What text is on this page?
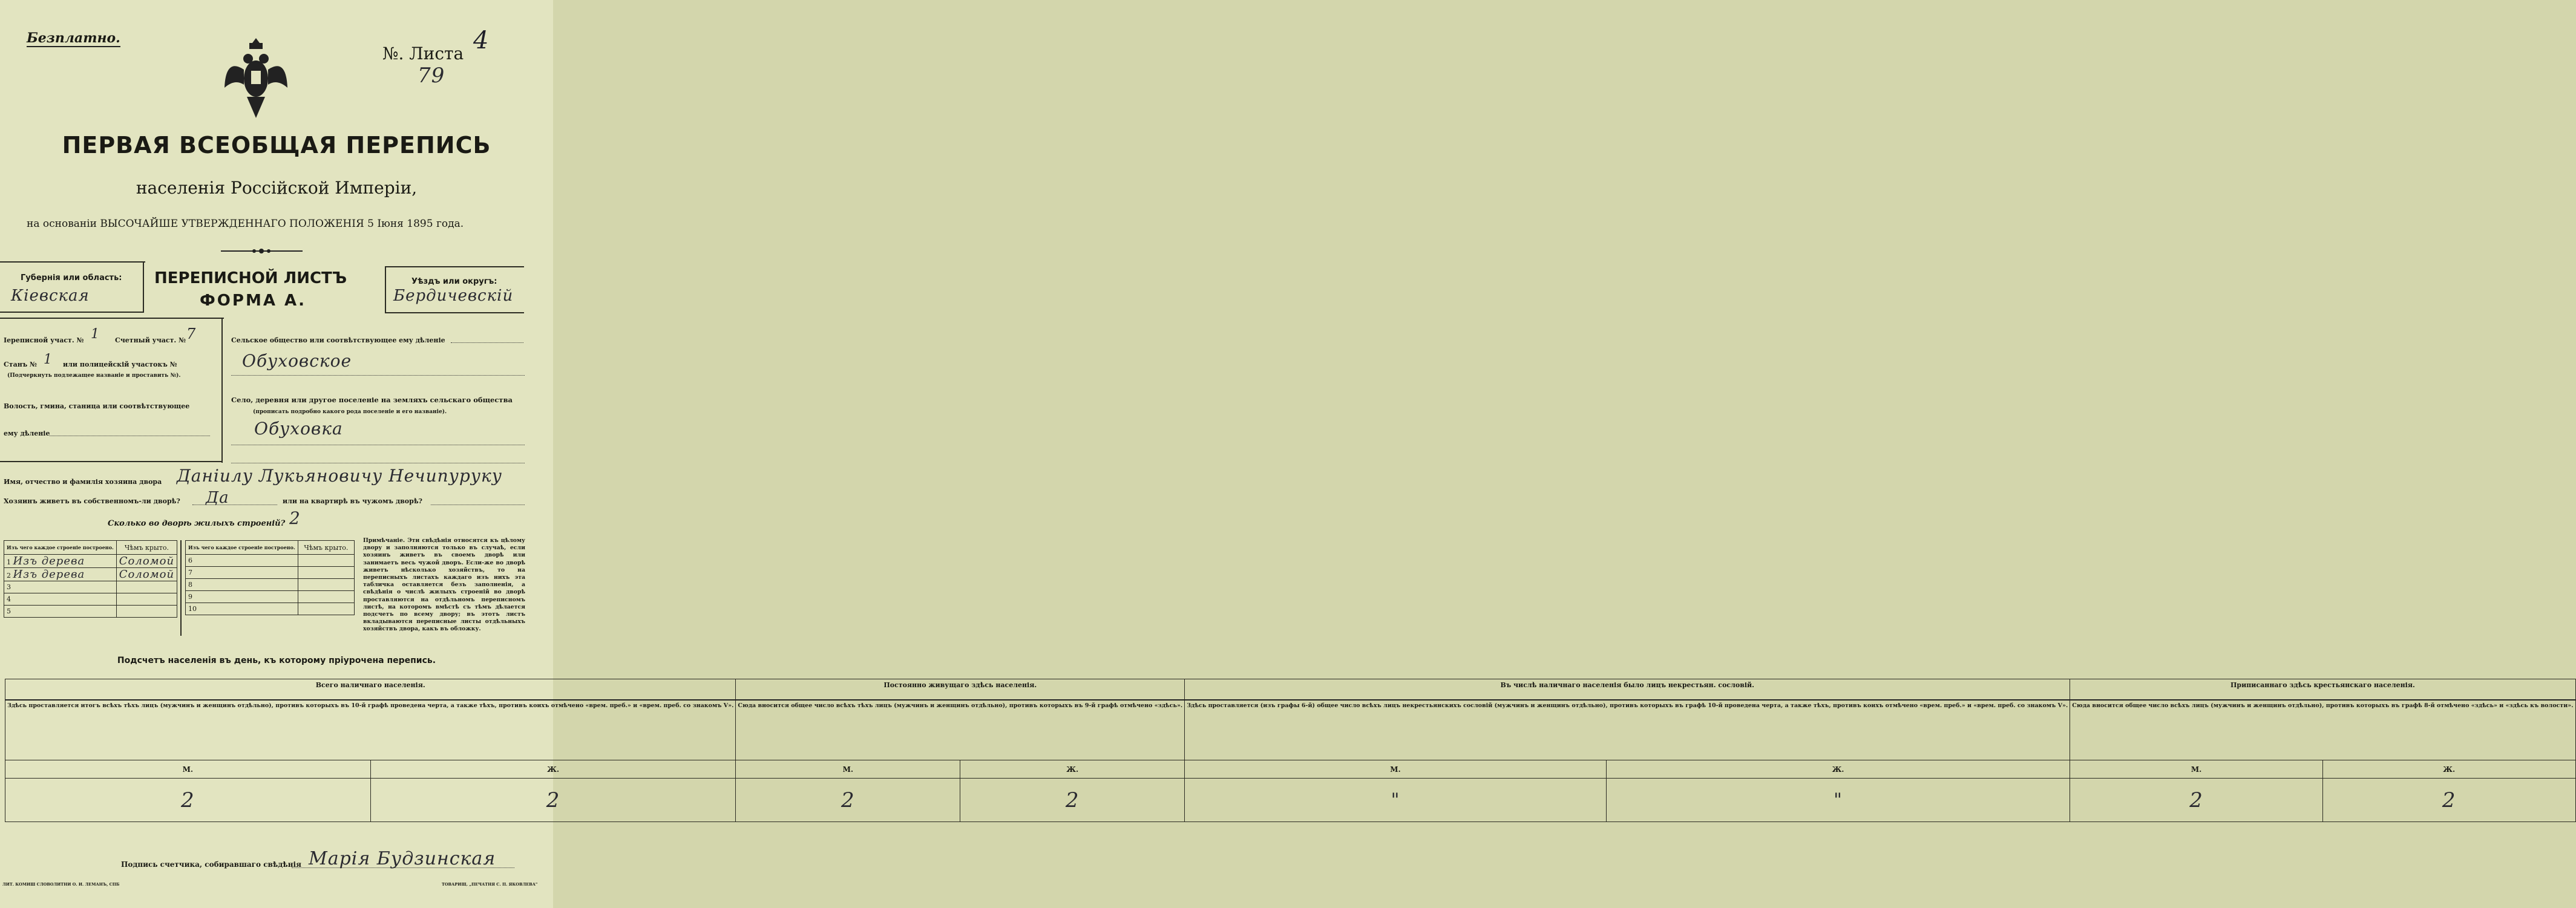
Безплатно.
№. Листа 4
79
ПЕРВАЯ ВСЕОБЩАЯ ПЕРЕПИСЬ
населенія Россійской Имперіи,
на основаніи ВЫСОЧАЙШЕ УТВЕРЖДЕННАГО ПОЛОЖЕНІЯ 5 Іюня 1895 года.
Губернія или область:
Кiевская
ПЕРЕПИСНОЙ ЛИСТЪ
ФОРМА А.
Уѣздъ или округъ:
Бердичевскiй
Іереписной участ. № 1 Счетный участ. № 7
Станъ № 1 или полицейскій участокъ №
(Подчеркнуть подлежащее названіе и проставить №).
Волость, гмина, станица или соотвѣтствующее
ему дѣленіе
Сельское общество или соотвѣтствующее ему дѣленіе
Обуховское
Село, деревня или другое поселеніе на земляхъ сельскаго общества
(прописать подробно какого рода поселеніе и его названіе).
Обуховка
Имя, отчество и фамилія хозяина двора Данiилу Лукьяновичу Нечипуруку
Хозяинъ живетъ въ собственномъ-ли дворѣ? Да	или на квартирѣ въ чужомъ дворѣ?
Сколько во дворѣ жилыхъ строеній? 2
Изъ чего каждое строеніе построено.	Чѣмъ крыто.
1 Изъ дерева	Соломой
2 Изъ дерева	Соломой
3	
4	
5	
Изъ чего каждое строеніе построено.	Чѣмъ крыто.
6	
7	
8	
9	
10	
Примѣчаніе. Эти свѣдѣнія относятся къ цѣлому двору и заполняются только въ случаѣ, если хозяинъ живетъ въ своемъ дворѣ или занимаетъ весь чужой дворъ. Если-же во дворѣ живетъ нѣсколько хозяйствъ, то на переписныхъ листахъ каждаго изъ нихъ эта табличка оставляется безъ заполненія, а свѣдѣнія о числѣ жилыхъ строеній во дворѣ проставляются на отдѣльномъ переписномъ листѣ, на которомъ вмѣстѣ съ тѣмъ дѣлается подсчетъ по всему двору; въ этотъ листъ вкладываются переписные листы отдѣльныхъ хозяйствъ двора, какъ въ обложку.
Подсчетъ населенія въ день, къ которому пріурочена перепись.
Всего наличнаго населенія.		Постоянно живущаго здѣсь населенія.		Въ числѣ наличнаго населенія было лицъ некрестьян. сословій.		Приписаннаго здѣсь крестьянскаго населенія.	
Здѣсь проставляется итогъ всѣхъ тѣхъ лицъ (мужчинъ и женщинъ отдѣльно), противъ которыхъ въ 10-й графѣ проведена черта, а также тѣхъ, противъ коихъ отмѣчено «врем. преб.» и «врем. преб. со знакомъ V».		Сюда вносится общее число всѣхъ тѣхъ лицъ (мужчинъ и женщинъ отдѣльно), противъ которыхъ въ 9-й графѣ отмѣчено «здѣсь».		Здѣсь проставляется (изъ графы 6-й) общее число всѣхъ лицъ некрестьянскихъ сословій (мужчинъ и женщинъ отдѣльно), противъ которыхъ въ графѣ 10-й проведена черта, а также тѣхъ, противъ коихъ отмѣчено «врем. преб.» и «врем. преб. со знакомъ V».		Сюда вносится общее число всѣхъ лицъ (мужчинъ и женщинъ отдѣльно), противъ которыхъ въ графѣ 8-й отмѣчено «здѣсь» и «здѣсь къ волости».	
М.	Ж.	М.	Ж.	М.	Ж.	М.	Ж.
2	2	2	2	"	"	2	2
Подпись счетчика, собиравшаго свѣдѣнія Марiя Будзинская
ЛИТ. КОМИШ СЛОВОЛИТНИ О. И. ЛЕМАНЪ, СПБ	ТОВАРИЩ. „ПЕЧАТНЯ С. П. ЯКОВЛЕВА"
